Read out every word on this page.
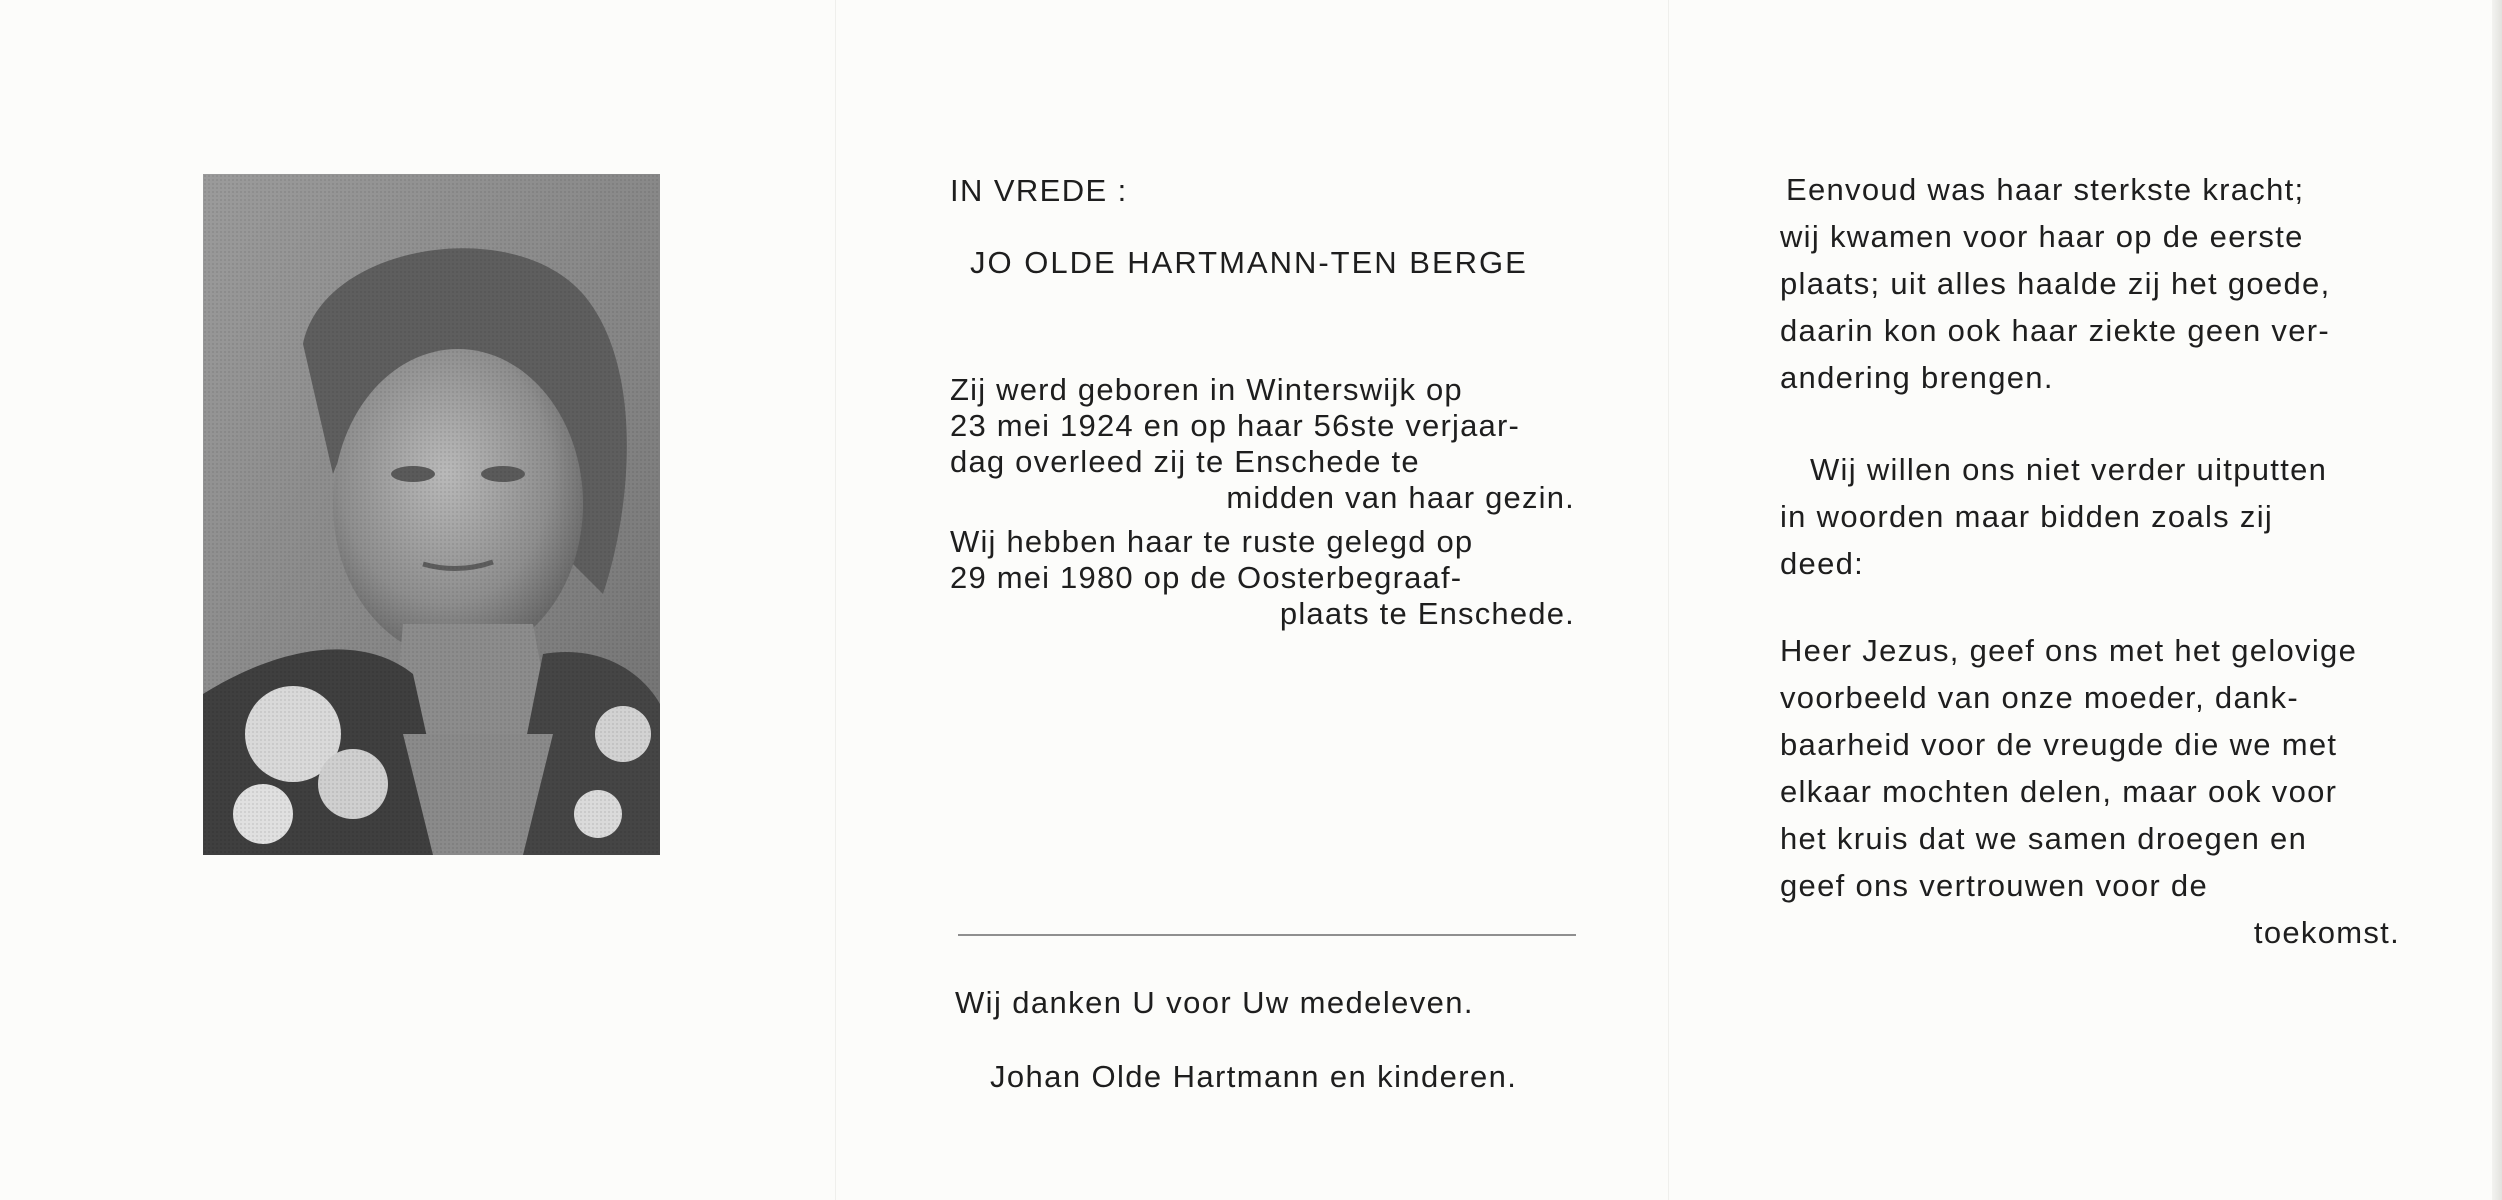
IN VREDE :
JO OLDE HARTMANN-TEN BERGE
Zij werd geboren in Winterswijk op
23 mei 1924 en op haar 56ste verjaar-
dag overleed zij te Enschede te
midden van haar gezin.
Wij hebben haar te ruste gelegd op
29 mei 1980 op de Oosterbegraaf-
plaats te Enschede.
Wij danken U voor Uw medeleven.
Johan Olde Hartmann en kinderen.
Eenvoud was haar sterkste kracht;
wij kwamen voor haar op de eerste
plaats; uit alles haalde zij het goede,
daarin kon ook haar ziekte geen ver-
andering brengen.
Wij willen ons niet verder uitputten
in woorden maar bidden zoals zij
deed:
Heer Jezus, geef ons met het gelovige
voorbeeld van onze moeder, dank-
baarheid voor de vreugde die we met
elkaar mochten delen, maar ook voor
het kruis dat we samen droegen en
geef ons vertrouwen voor de
toekomst.
